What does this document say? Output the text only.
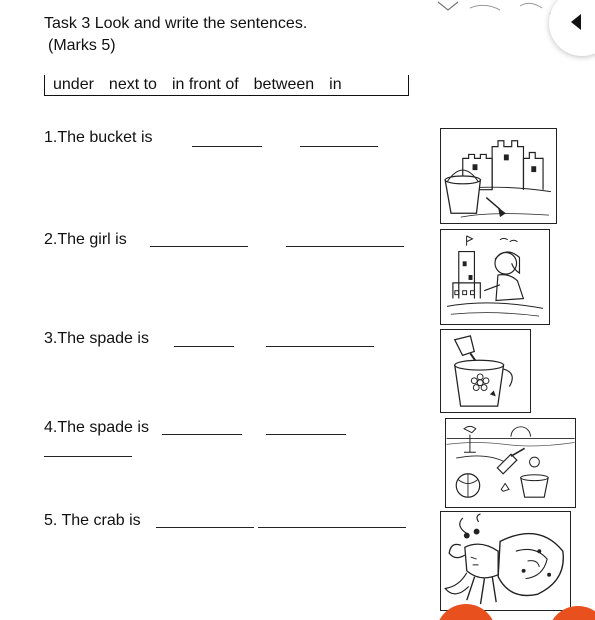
Task 3 Look and write the sentences.
(Marks 5)
under next to in front of between in
1.The bucket is
2.The girl is
3.The spade is
4.The spade is
5. The crab is
